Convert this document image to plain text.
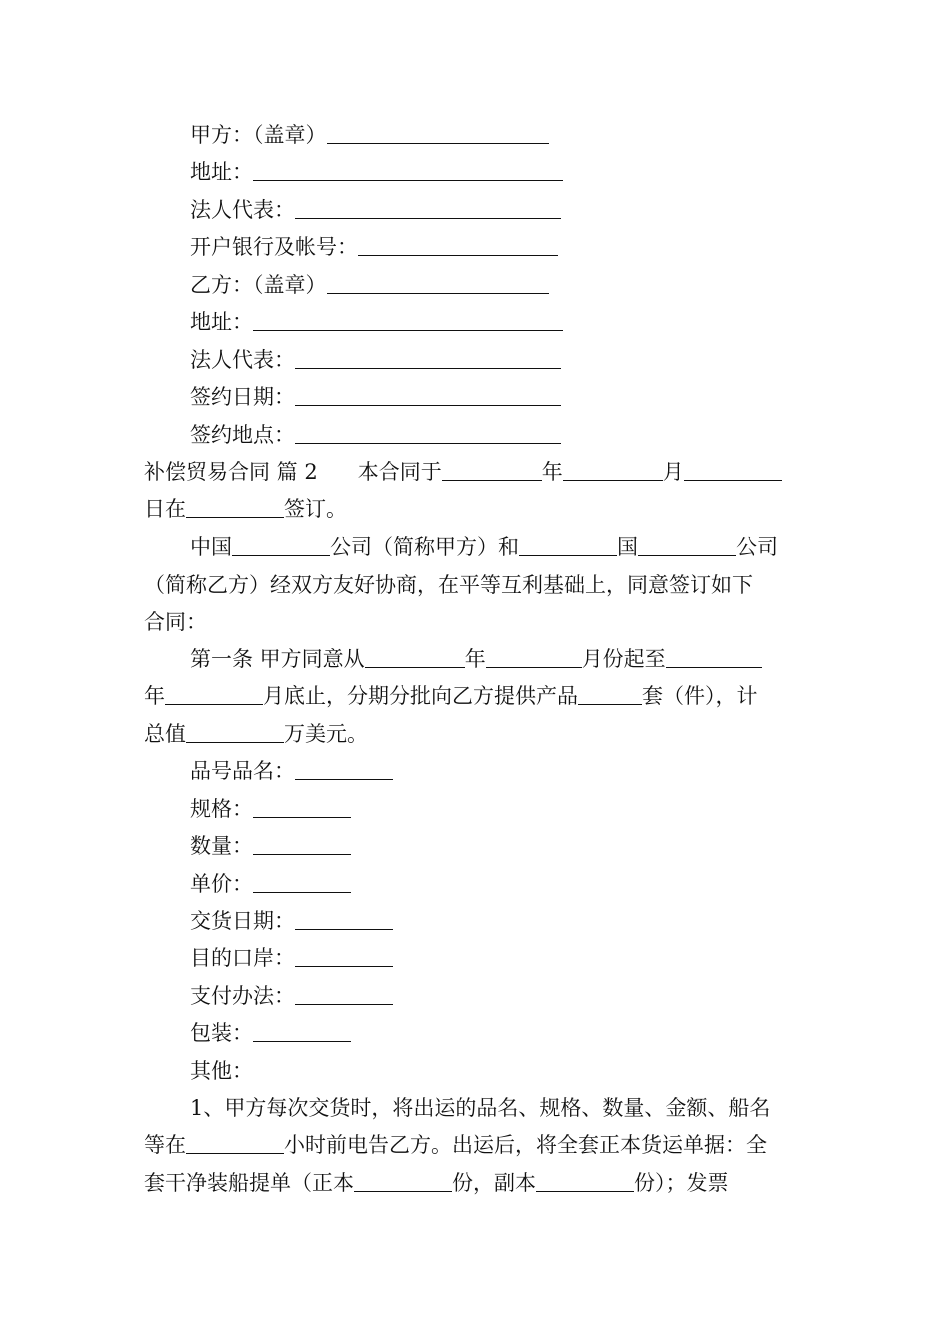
甲方：（盖章）
地址：
法人代表：
开户银行及帐号：
乙方：（盖章）
地址：
法人代表：
签约日期：
签约地点：
补偿贸易合同 篇 2 本合同于	年	月
日在	签订。
中国	公司（简称甲方）和	国	公司
（简称乙方）经双方友好协商，在平等互利基础上，同意签订如下
合同：
第一条 甲方同意从	年	月份起至
年	月底止，分期分批向乙方提供产品	套（件），计
总值	万美元。
品号品名：
规格：
数量：
单价：
交货日期：
目的口岸：
支付办法：
包装：
其他：
1、甲方每次交货时，将出运的品名、规格、数量、金额、船名
等在	小时前电告乙方。出运后，将全套正本货运单据：全
套干净装船提单（正本	份，副本	份）；发票
